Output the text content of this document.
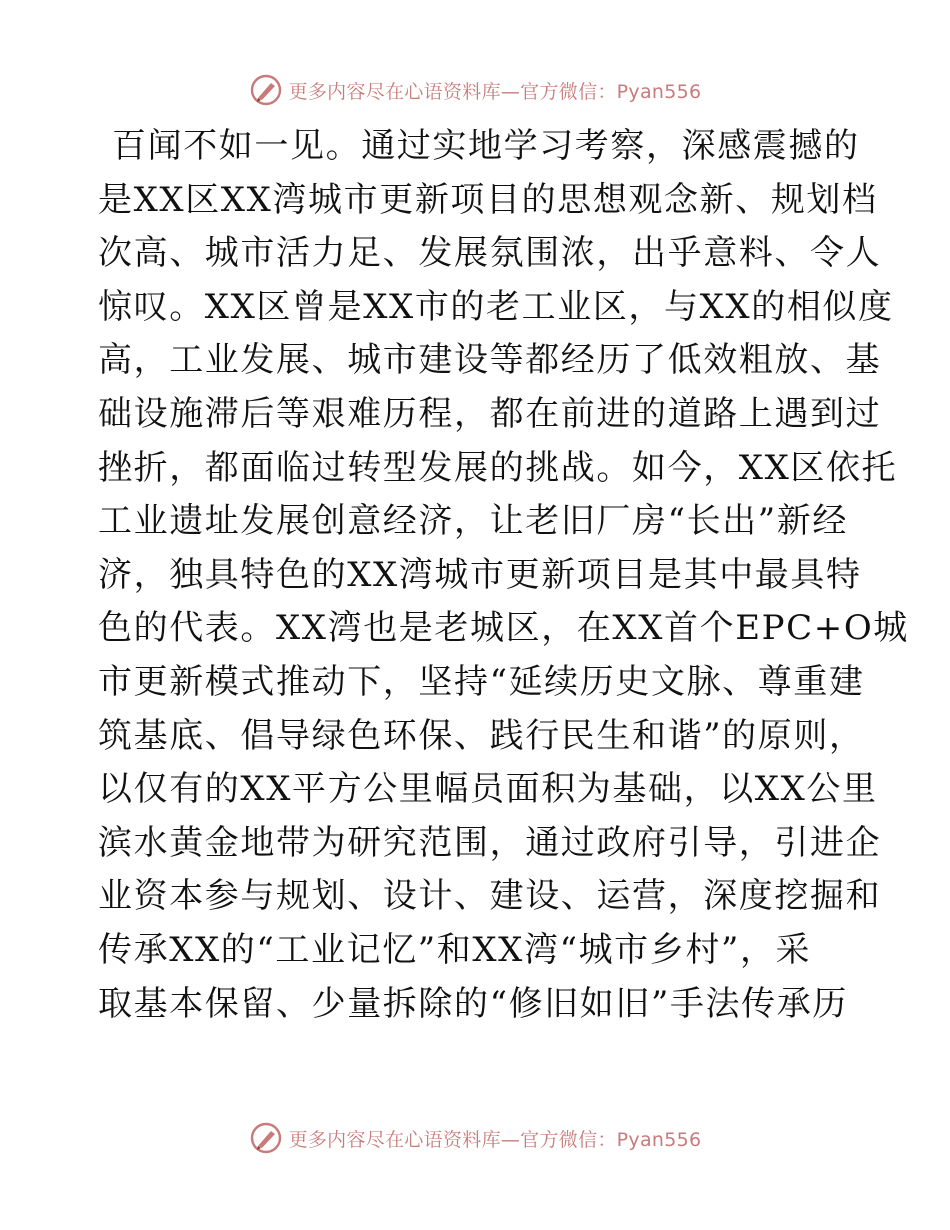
更多内容尽在心语资料库—官方微信：Pyan556
百闻不如一见。通过实地学习考察，深感震撼的
是XX区XX湾城市更新项目的思想观念新、规划档
次高、城市活力足、发展氛围浓，出乎意料、令人
惊叹。XX区曾是XX市的老工业区，与XX的相似度
高，工业发展、城市建设等都经历了低效粗放、基
础设施滞后等艰难历程，都在前进的道路上遇到过
挫折，都面临过转型发展的挑战。如今，XX区依托
工业遗址发展创意经济，让老旧厂房“长出”新经
济，独具特色的XX湾城市更新项目是其中最具特
色的代表。XX湾也是老城区，在XX首个EPC+O城
市更新模式推动下，坚持“延续历史文脉、尊重建
筑基底、倡导绿色环保、践行民生和谐”的原则，
以仅有的XX平方公里幅员面积为基础，以XX公里
滨水黄金地带为研究范围，通过政府引导，引进企
业资本参与规划、设计、建设、运营，深度挖掘和
传承XX的“工业记忆”和XX湾“城市乡村”，采
取基本保留、少量拆除的“修旧如旧”手法传承历
更多内容尽在心语资料库—官方微信：Pyan556
